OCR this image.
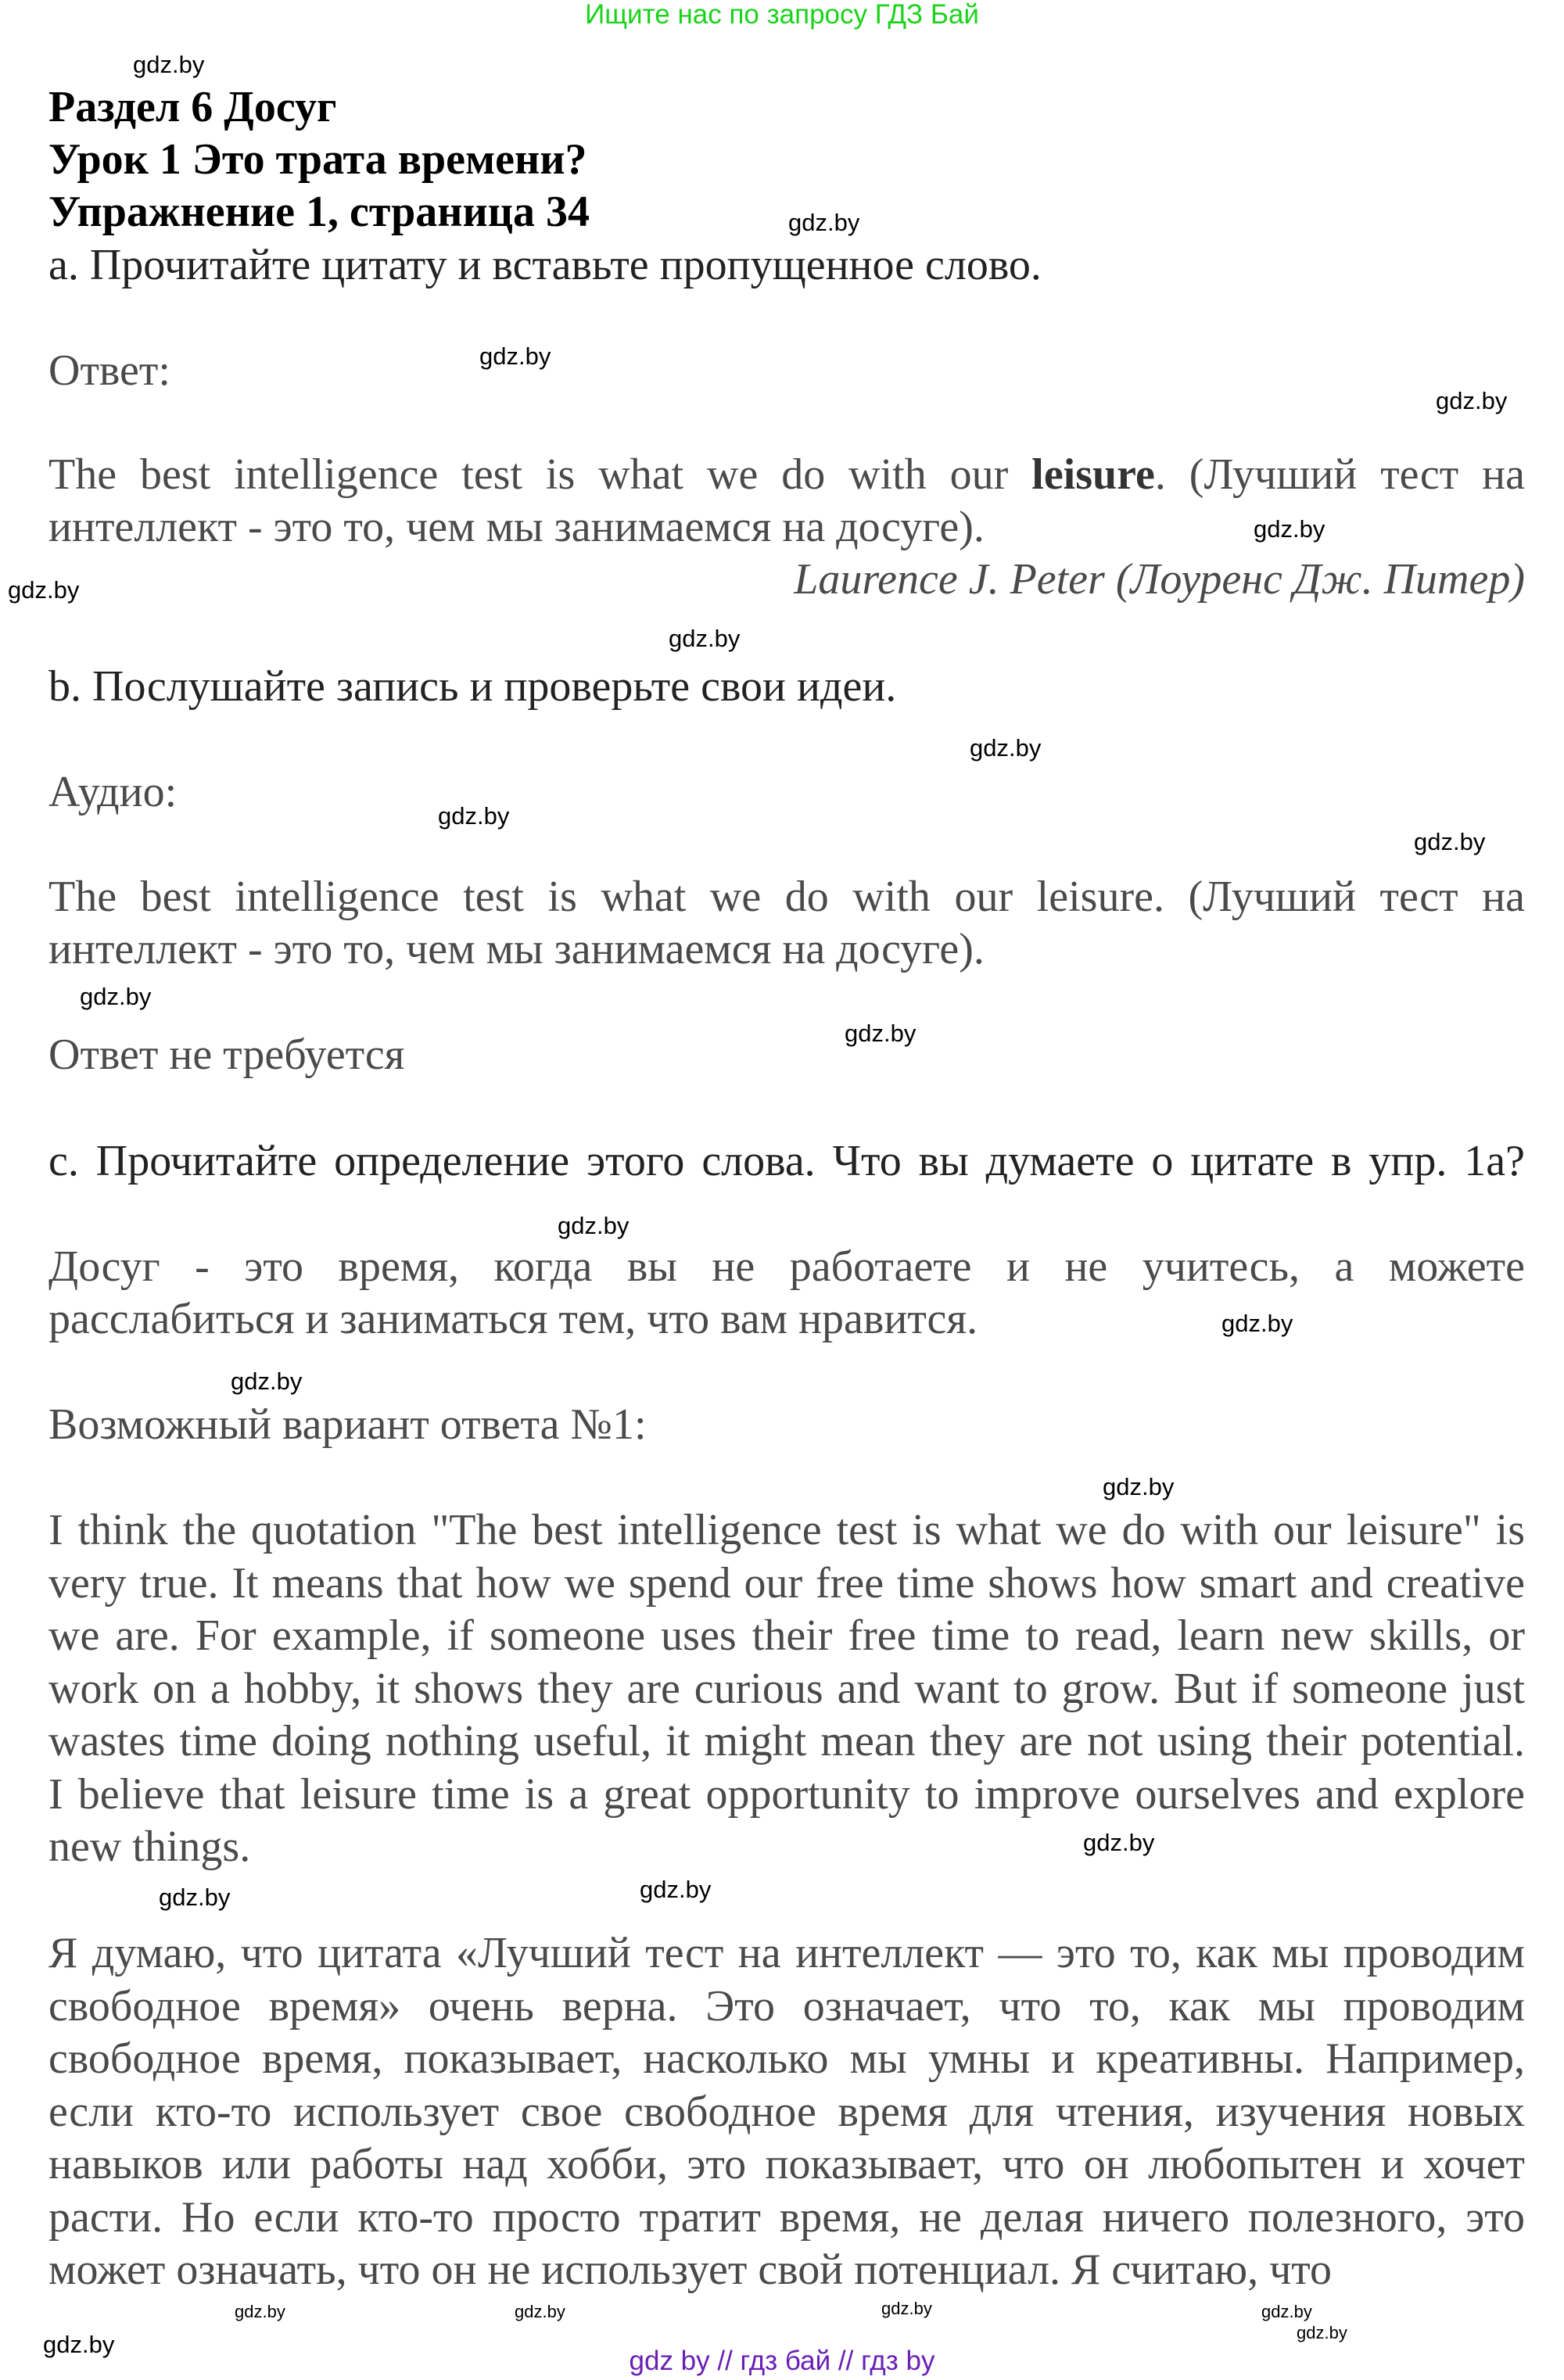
Ищите нас по запросу ГДЗ Бай
Раздел 6 Досуг
Урок 1 Это трата времени?
Упражнение 1, страница 34
a. Прочитайте цитату и вставьте пропущенное слово.
Ответ:
The best intelligence test is what we do with our leisure. (Лучший тест на
интеллект - это то, чем мы занимаемся на досуге).
Laurence J. Peter (Лоуренс Дж. Питер)
b. Послушайте запись и проверьте свои идеи.
Аудио:
The best intelligence test is what we do with our leisure. (Лучший тест на
интеллект - это то, чем мы занимаемся на досуге).
Ответ не требуется
c. Прочитайте определение этого слова. Что вы думаете о цитате в упр. 1a?
Досуг - это время, когда вы не работаете и не учитесь, а можете
расслабиться и заниматься тем, что вам нравится.
Возможный вариант ответа №1:
I think the quotation "The best intelligence test is what we do with our leisure" is
very true. It means that how we spend our free time shows how smart and creative
we are. For example, if someone uses their free time to read, learn new skills, or
work on a hobby, it shows they are curious and want to grow. But if someone just
wastes time doing nothing useful, it might mean they are not using their potential.
I believe that leisure time is a great opportunity to improve ourselves and explore
new things.
Я думаю, что цитата «Лучший тест на интеллект — это то, как мы проводим
свободное время» очень верна. Это означает, что то, как мы проводим
свободное время, показывает, насколько мы умны и креативны. Например,
если кто-то использует свое свободное время для чтения, изучения новых
навыков или работы над хобби, это показывает, что он любопытен и хочет
расти. Но если кто-то просто тратит время, не делая ничего полезного, это
может означать, что он не использует свой потенциал. Я считаю, что
gdz.by
gdz.by
gdz.by
gdz.by
gdz.by
gdz.by
gdz.by
gdz.by
gdz.by
gdz.by
gdz.by
gdz.by
gdz.by
gdz.by
gdz.by
gdz.by
gdz.by
gdz.by
gdz.by
gdz.by
gdz.by
gdz.by
gdz.by
gdz.by
gdz.by
gdz by // гдз бай // гдз by
